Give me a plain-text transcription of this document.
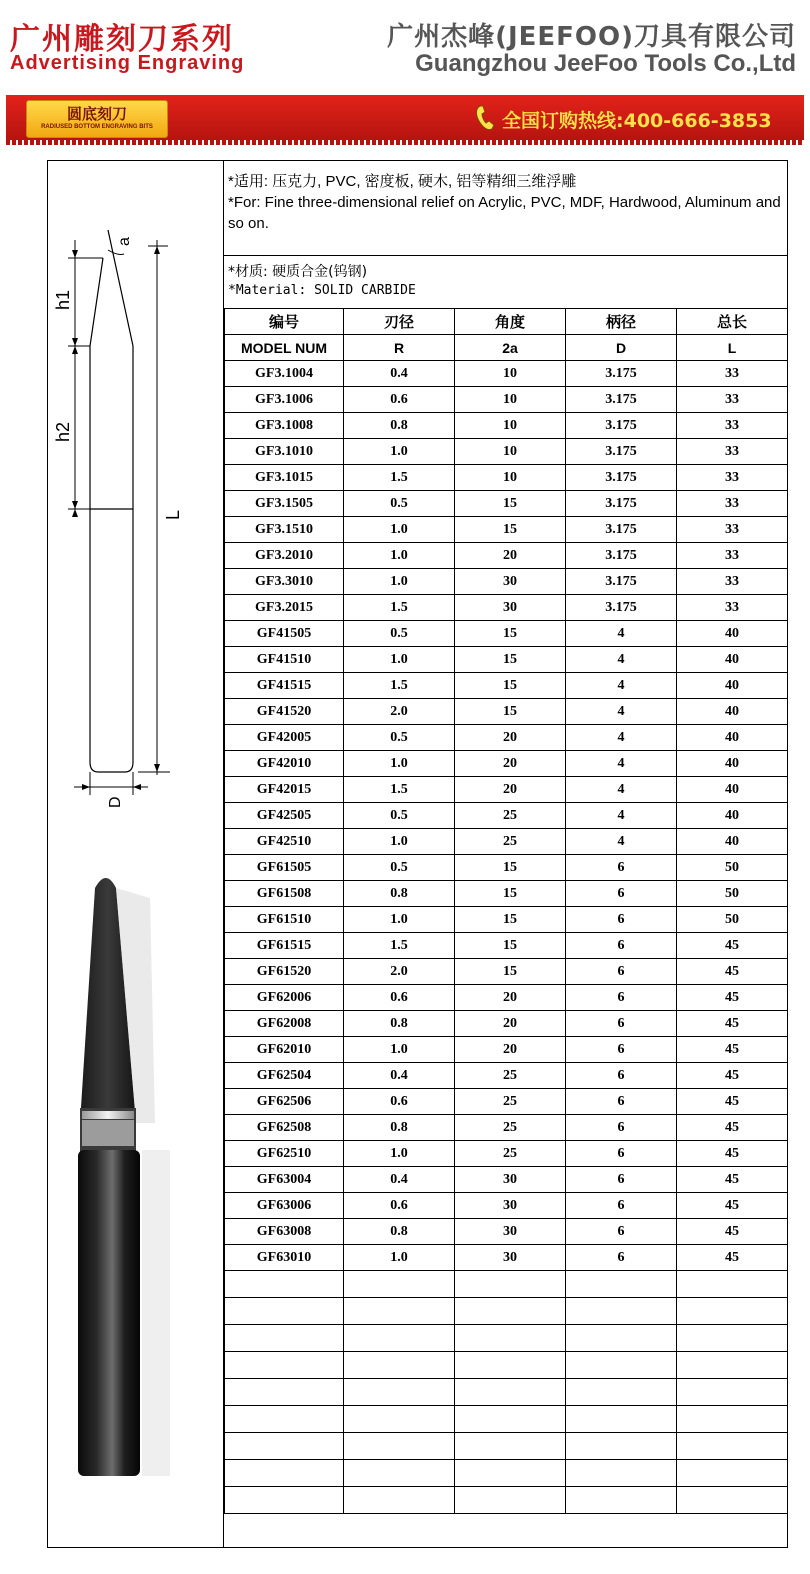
广州雕刻刀系列
Advertising Engraving
广州杰峰(JEEFOO)刀具有限公司
Guangzhou JeeFoo Tools Co.,Ltd
圆底刻刀
RADIUSED BOTTOM ENGRAVING BITS	全国订购热线:400-666-3853
a
h1
h2
L
D
*适用: 压克力, PVC, 密度板, 硬木, 铝等精细三维浮雕
*For: Fine three-dimensional relief on Acrylic, PVC, MDF, Hardwood, Aluminum and so on.
*材质: 硬质合金(钨钢)
*Material: SOLID CARBIDE
编号	刃径	角度	柄径	总长
MODEL NUM	R	2a	D	L
GF3.1004	0.4	10	3.175	33
GF3.1006	0.6	10	3.175	33
GF3.1008	0.8	10	3.175	33
GF3.1010	1.0	10	3.175	33
GF3.1015	1.5	10	3.175	33
GF3.1505	0.5	15	3.175	33
GF3.1510	1.0	15	3.175	33
GF3.2010	1.0	20	3.175	33
GF3.3010	1.0	30	3.175	33
GF3.2015	1.5	30	3.175	33
GF41505	0.5	15	4	40
GF41510	1.0	15	4	40
GF41515	1.5	15	4	40
GF41520	2.0	15	4	40
GF42005	0.5	20	4	40
GF42010	1.0	20	4	40
GF42015	1.5	20	4	40
GF42505	0.5	25	4	40
GF42510	1.0	25	4	40
GF61505	0.5	15	6	50
GF61508	0.8	15	6	50
GF61510	1.0	15	6	50
GF61515	1.5	15	6	45
GF61520	2.0	15	6	45
GF62006	0.6	20	6	45
GF62008	0.8	20	6	45
GF62010	1.0	20	6	45
GF62504	0.4	25	6	45
GF62506	0.6	25	6	45
GF62508	0.8	25	6	45
GF62510	1.0	25	6	45
GF63004	0.4	30	6	45
GF63006	0.6	30	6	45
GF63008	0.8	30	6	45
GF63010	1.0	30	6	45
